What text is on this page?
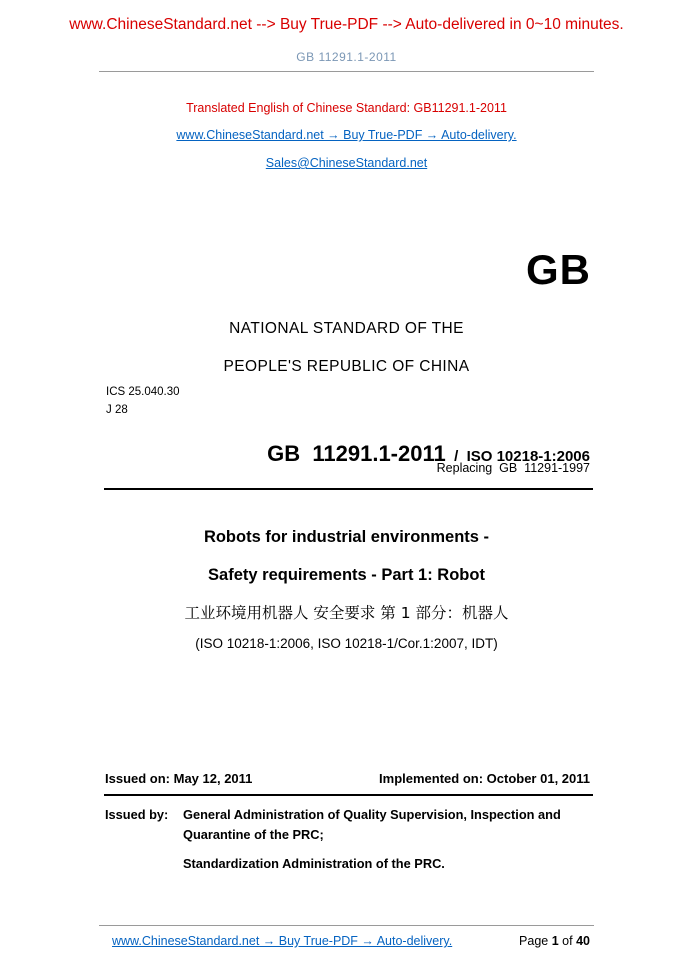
www.ChineseStandard.net --> Buy True-PDF --> Auto-delivered in 0~10 minutes.
GB 11291.1-2011
Translated English of Chinese Standard: GB11291.1-2011
www.ChineseStandard.net → Buy True-PDF → Auto-delivery.
Sales@ChineseStandard.net
GB
NATIONAL STANDARD OF THE
PEOPLE'S REPUBLIC OF CHINA
ICS 25.040.30
J 28

GB  11291.1-2011  /  ISO 10218-1:2006

Replacing  GB  11291-1997
Robots for industrial environments -
Safety requirements - Part 1: Robot
工业环境用机器人 安全要求 第 1 部分：机器人
(ISO 10218-1:2006, ISO 10218-1/Cor.1:2007, IDT)
Issued on: May 12, 2011	Implemented on: October 01, 2011
Issued by: General Administration of Quality Supervision, Inspection and
Quarantine of the PRC;
Standardization Administration of the PRC.
www.ChineseStandard.net → Buy True-PDF → Auto-delivery.	Page 1 of 40
